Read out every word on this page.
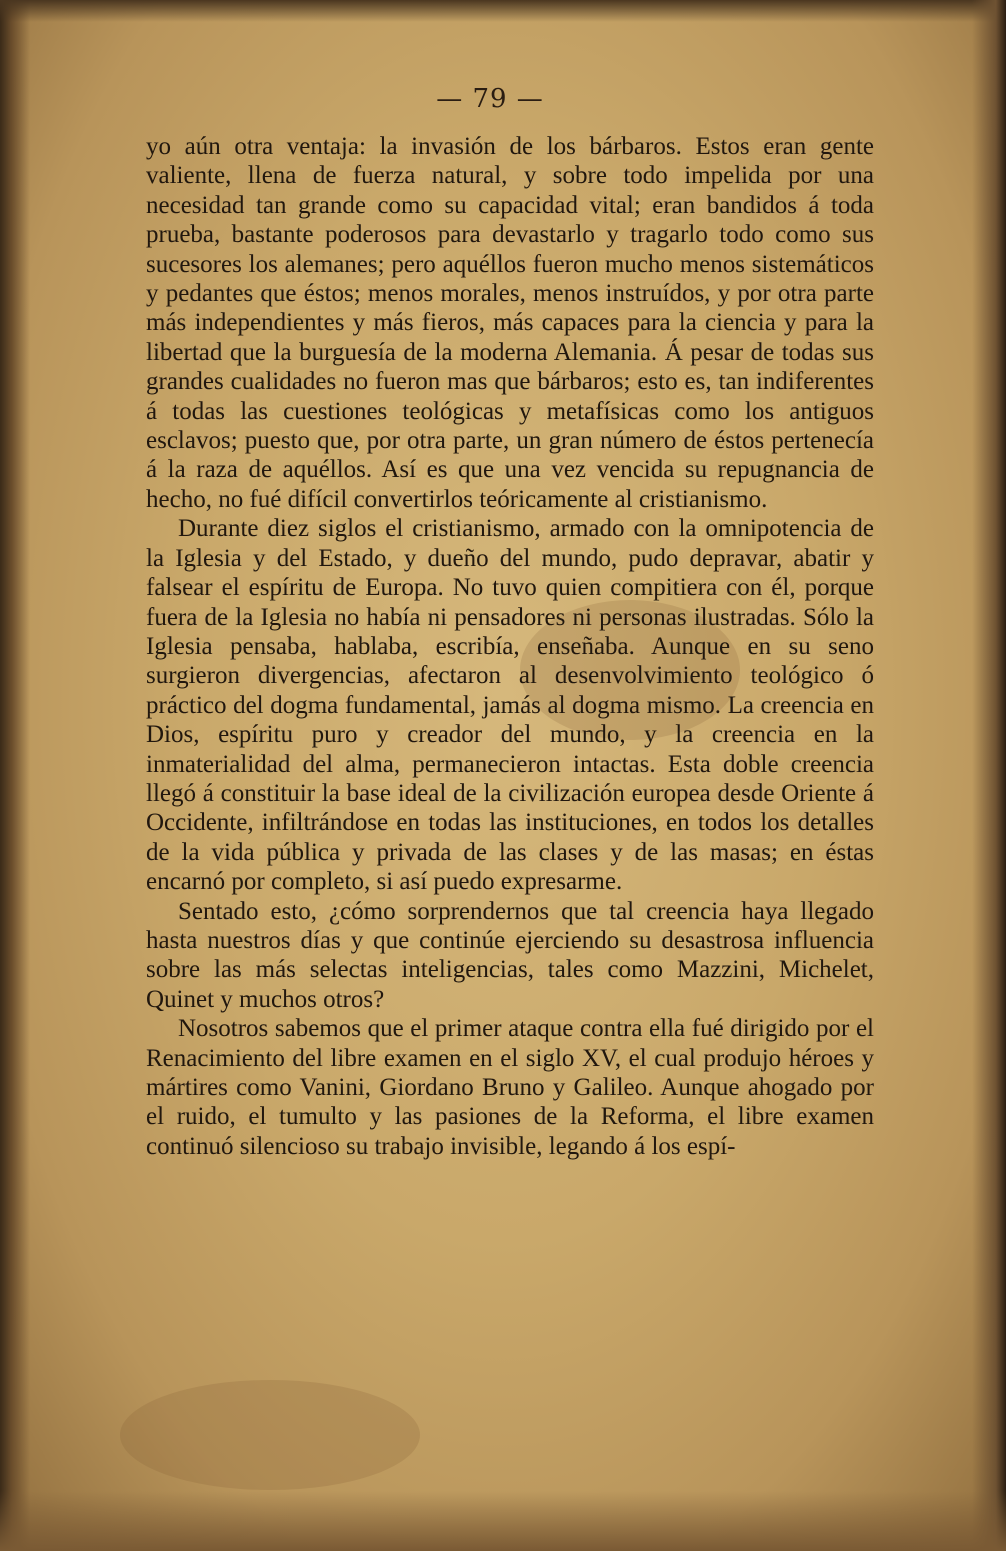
— 79 —

yo aún otra ventaja: la invasión de los bárbaros. Estos eran gente valiente, llena de fuerza natural, y sobre todo impelida por una necesidad tan grande como su capacidad vital; eran bandidos á toda prueba, bastante poderosos para devastarlo y tragarlo todo como sus sucesores los alemanes; pero aquéllos fueron mucho menos sistemáticos y pedantes que éstos; menos morales, menos instruídos, y por otra parte más independientes y más fieros, más capaces para la ciencia y para la libertad que la burguesía de la moderna Alemania. Á pesar de todas sus grandes cualidades no fueron mas que bárbaros; esto es, tan indiferentes á todas las cuestiones teológicas y metafísicas como los antiguos esclavos; puesto que, por otra parte, un gran número de éstos pertenecía á la raza de aquéllos. Así es que una vez vencida su repugnancia de hecho, no fué difícil convertirlos teóricamente al cristianismo.

Durante diez siglos el cristianismo, armado con la omnipotencia de la Iglesia y del Estado, y dueño del mundo, pudo depravar, abatir y falsear el espíritu de Europa. No tuvo quien compitiera con él, porque fuera de la Iglesia no había ni pensadores ni personas ilustradas. Sólo la Iglesia pensaba, hablaba, escribía, enseñaba. Aunque en su seno surgieron divergencias, afectaron al desenvolvimiento teológico ó práctico del dogma fundamental, jamás al dogma mismo. La creencia en Dios, espíritu puro y creador del mundo, y la creencia en la inmaterialidad del alma, permanecieron intactas. Esta doble creencia llegó á constituir la base ideal de la civilización europea desde Oriente á Occidente, infiltrándose en todas las instituciones, en todos los detalles de la vida pública y privada de las clases y de las masas; en éstas encarnó por completo, si así puedo expresarme.

Sentado esto, ¿cómo sorprendernos que tal creencia haya llegado hasta nuestros días y que continúe ejerciendo su desastrosa influencia sobre las más selectas inteligencias, tales como Mazzini, Michelet, Quinet y muchos otros?

Nosotros sabemos que el primer ataque contra ella fué dirigido por el Renacimiento del libre examen en el siglo XV, el cual produjo héroes y mártires como Vanini, Giordano Bruno y Galileo. Aunque ahogado por el ruido, el tumulto y las pasiones de la Reforma, el libre examen continuó silencioso su trabajo invisible, legando á los espí-
